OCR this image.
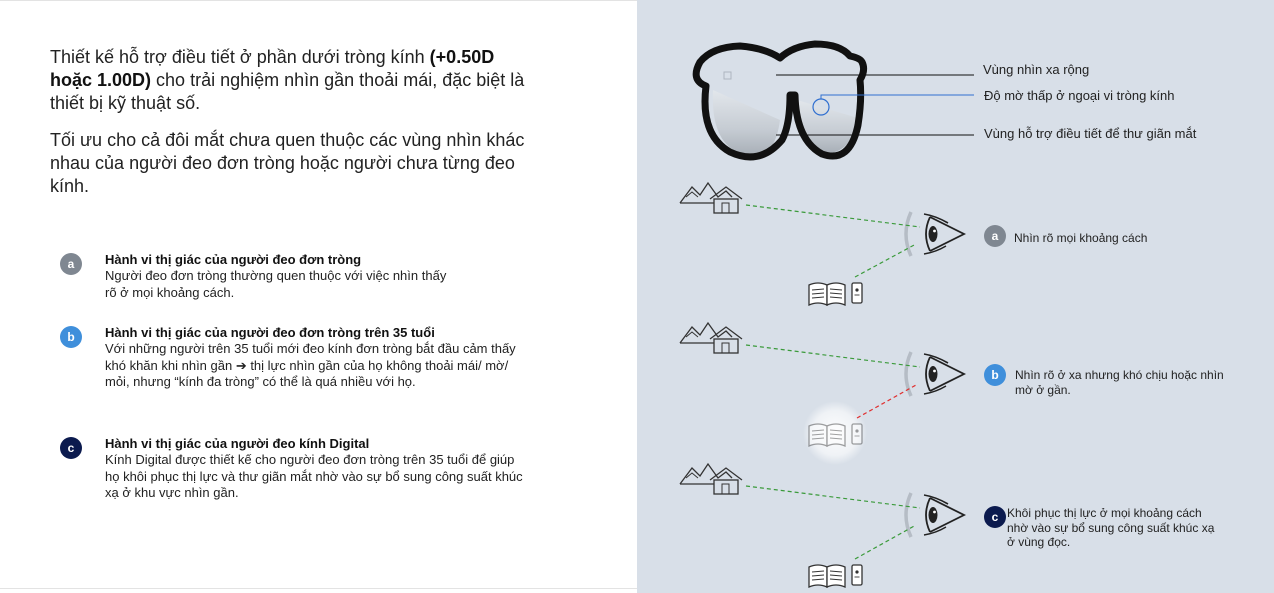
Thiết kế hỗ trợ điều tiết ở phần dưới tròng kính (+0.50D hoặc 1.00D) cho trải nghiệm nhìn gần thoải mái, đặc biệt là thiết bị kỹ thuật số.

Tối ưu cho cả đôi mắt chưa quen thuộc các vùng nhìn khác nhau của người đeo đơn tròng hoặc người chưa từng đeo kính.

a	Hành vi thị giác của người đeo đơn tròng
Người đeo đơn tròng thường quen thuộc với việc nhìn thấy rõ ở mọi khoảng cách.
b	Hành vi thị giác của người đeo đơn tròng trên 35 tuổi
Với những người trên 35 tuổi mới đeo kính đơn tròng bắt đầu cảm thấy khó khăn khi nhìn gần ➔ thị lực nhìn gần của họ không thoải mái/ mờ/ mỏi, nhưng “kính đa tròng” có thể là quá nhiều với họ.
c	Hành vi thị giác của người đeo kính Digital
Kính Digital được thiết kế cho người đeo đơn tròng trên 35 tuổi để giúp họ khôi phục thị lực và thư giãn mắt nhờ vào sự bổ sung công suất khúc xạ ở khu vực nhìn gần.
Vùng nhìn xa rộng
Độ mờ thấp ở ngoại vi tròng kính
Vùng hỗ trợ điều tiết để thư giãn mắt
a	Nhìn rõ mọi khoảng cách
b	Nhìn rõ ở xa nhưng khó chịu hoặc nhìn mờ ở gần.
c Khôi phục thị lực ở mọi khoảng cách nhờ vào sự bổ sung công suất khúc xạ ở vùng đọc.
